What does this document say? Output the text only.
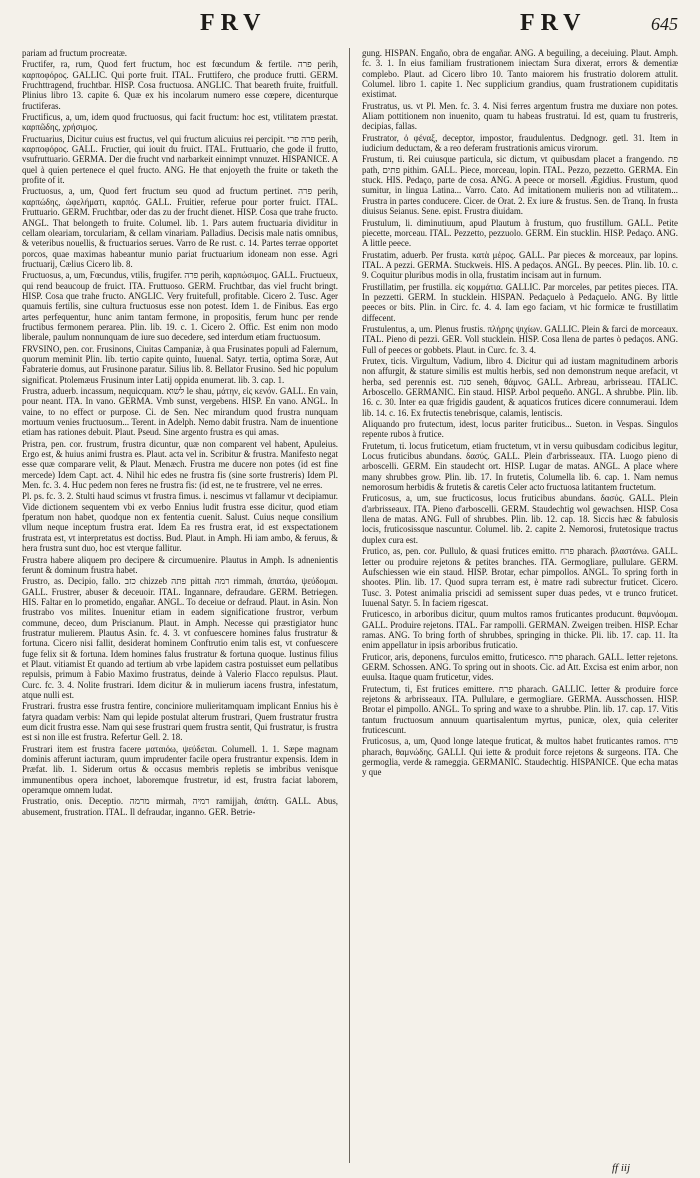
FRV	FRV	645

pariam ad fructum procreatæ.

Fructifer, ra, rum, Quod fert fructum, hoc est fœcundum & fertile. פרה perih, καρποφόρος. GALLIC. Qui porte fruit. ITAL. Fruttifero, che produce frutti. GERM. Fruchttragend, fruchtbar. HISP. Cosa fructuosa. ANGLIC. That beareth fruite, fruitfull. Plinius libro 13. capite 6. Quæ ex his incolarum numero esse cœpere, dicenturque fructiferas.

Fructificus, a, um, idem quod fructuosus, qui facit fructum: hoc est, vtilitatem præstat. καρπῶδης, χρήσιμος.

Fructuarius, Dicitur cuius est fructus, vel qui fructum alicuius rei percipit. פרה פרי perih, καρποφόρος. GALL. Fructier, qui iouit du fruict. ITAL. Fruttuario, che gode il frutto, vsufruttuario. GERMA. Der die frucht vnd narbarkeit einnimpt vnnuzet. HISPANICE. A quel à quien pertenece el quel fructo. ANG. He that enjoyeth the fruite or taketh the profite of it.

Fructuosus, a, um, Quod fert fructum seu quod ad fructum pertinet. פרה perih, καρπώδης, ὠφελήματι, καρπός. GALL. Fruitier, referue pour porter fruict. ITAL. Fruttuario. GERM. Fruchtbar, oder das zu der frucht dienet. HISP. Cosa que trahe fructo. ANGL. That belongeth to fruite. Columel. lib. 1. Pars autem fructuaria dividitur in cellam oleariam, torculariam, & cellam vinariam. Palladius. Decisis male natis omnibus, & veteribus nouellis, & fructuarios serues. Varro de Re rust. c. 14. Partes terrae opportet porcos, quae maximas habeantur munio pariat fructuarium idoneam non esse. Agri fructuarij, Cælius Cicero lib. 8.

Fructuosus, a, um, Fœcundus, vtilis, frugifer. פרה perih, καρπώσιμος. GALL. Fructueux, qui rend beaucoup de fruict. ITA. Fruttuoso. GERM. Fruchtbar, das viel frucht bringt. HISP. Cosa que trahe fructo. ANGLIC. Very fruitefull, profitable. Cicero 2. Tusc. Ager quamuis fertilis, sine cultura fructuosus esse non potest. Idem 1. de Finibus. Eas ergo artes perfequentur, hunc anim tantam fermone, in propositis, ferum hunc per rende fructibus fermonem perarea. Plin. lib. 19. c. 1. Cicero 2. Offic. Est enim non modo liberale, paulum nonnunquam de iure suo decedere, sed interdum etiam fructuosum.

FRVSINO, pen. cor. Frusinons, Ciuitas Campaniæ, à qua Frusinates populi ad Falernum, quorum meminit Plin. lib. tertio capite quinto, Iuuenal. Satyr. tertia, optima Soræ, Aut Fabraterie domus, aut Frusinone paratur. Silius lib. 8. Bellator Frusino. Sed hic populum significat. Ptolemæus Frusinum inter Latij oppida enumerat. lib. 3. cap. 1.

Frustra, aduerb. incassum, nequicquam. לשוא le shau, μάτην, εἰς κενόν. GALL. En vain, pour neant. ITA. In vano. GERMA. Vmb sunst, vergebens. HISP. En vano. ANGL. In vaine, to no effect or purpose. Ci. de Sen. Nec mirandum quod frustra nunquam mortuum venies fructuosum... Terent. in Adelph. Nemo dabit frustra. Nam de inuentione etiam has rationes debuit. Plaut. Pseud. Sine argento frustra es qui amas.

Pristra, pen. cor. frustrum, frustra dicuntur, quæ non comparent vel habent, Apuleius. Ergo est, & huius animi frustra es. Plaut. acta vel in. Scribitur & frustra. Manifesto negat esse quæ comparare velit, & Plaut. Menæch. Frustra me ducere non potes (id est fine mercede) Idem Capt. act. 4. Nihil hic edes ne frustra fis (sine sorte frustreris) Idem Pl. Men. fc. 3. 4. Huc pedem non feres ne frustra fis: (id est, ne te frustrere, vel ne erres.

Pl. ps. fc. 3. 2. Stulti haud scimus vt frustra fimus. i. nescimus vt fallamur vt decipiamur. Vide dictionem sequentem vbi ex verbo Ennius ludit frustra esse dicitur, quod etiam fperatum non habet, quodque non ex fententia cuenit. Salust. Cuius neque consilium vllum neque inceptum frustra erat. Idem Ea res frustra erat, id est exspectationem frustrata est, vt interpretatus est doctiss. Bud. Plaut. in Amph. Hi iam ambo, & feruus, & hera frustra sunt duo, hoc est vterque fallitur.

Frustra habere aliquem pro decipere & circumuenire. Plautus in Amph. Is adnenientis ferunt & dominum frustra habet.

Frustro, as. Decipio, fallo. כזב chizzeb פתה pittah רמה rimmah, ἀπατάω, ψεύδομαι. GALL. Frustrer, abuser & deceuoir. ITAL. Ingannare, defraudare. GERM. Betriegen. HIS. Faltar en lo prometido, engañar. ANGL. To deceiue or defraud. Plaut. in Asin. Non frustrabo vos milites. Inuenitur etiam in eadem significatione frustror, verbum commune, deceo, dum Priscianum. Plaut. in Amph. Necesse qui præstigiator hunc frustratur mulierem. Plautus Asin. fc. 4. 3. vt confuescere homines falus frustratur & fortuna. Cicero nisi fallit, desiderat hominem Conftrutio enim talis est, vt confuescere fuge felix sit & fortuna. Idem homines falus frustratur & fortuna quoque. Iustinus filius et Plaut. vitiamist Et quando ad tertium ab vrbe lapidem castra postuisset eum pellatibus repulsis, primum à Fabio Maximo frustratus, deinde à Valerio Flacco repulsus. Plaut. Curc. fc. 3. 4. Nolite frustrari. Idem dicitur & in mulierum iacens frustra, infestatum, atque nulli est.

Frustrari. frustra esse frustra fentire, conciniore mulieritamquam implicant Ennius his è fatyra quadam verbis: Nam qui lepide postulat alterum frustrari, Quem frustratur frustra eum dicit frustra esse. Nam qui sese frustrari quem frustra sentit, Qui frustratur, is frustra est si non ille est frustra. Refertur Gell. 2. 18.

Frustrari item est frustra facere ματαιόω, ψεύδεται. Columell. 1. 1. Sæpe magnam dominis afferunt iacturam, quum imprudenter facile opera frustrantur expensis. Idem in Præfat. lib. 1. Siderum ortus & occasus membris repletis se imbribus venisque immunentibus opera inchoet, laboremque frustretur, id est, frustra faciat laborem, operamque omnem ludat.

Frustratio, onis. Deceptio. מרמה mirmah, רמיה ramijjah, ἀπάτη. GALL. Abus, abusement, frustration. ITAL. Il defraudar, inganno. GER. Betrie-

gung. HISPAN. Engaño, obra de engañar. ANG. A beguiling, a deceiuing. Plaut. Amph. fc. 3. 1. In eius familiam frustrationem iniectam Sura dixerat, errors & dementiæ complebo. Plaut. ad Cicero libro 10. Tanto maiorem his frustratio dolorem attulit. Columel. libro 1. capite 1. Nec supplicium grandius, quam frustrationem cupiditatis existimat.

Frustratus, us. vt Pl. Men. fc. 3. 4. Nisi ferres argentum frustra me duxiare non potes. Aliam pottitionem non inuenito, quam tu habeas frustratui. Id est, quam tu frustreris, decipias, fallas.

Frustrator, ὁ φέναξ, deceptor, impostor, fraudulentus. Dedgnogr. getl. 31. Item in iudicium deductam, & a reo deferam frustrationis amicus virorum.

Frustum, ti. Rei cuiusque particula, sic dictum, vt quibusdam placet a frangendo. פת path, פתים pithim. GALL. Piece, morceau, lopin. ITAL. Pezzo, pezzetto. GERMA. Ein stuck. HIS. Pedaço, parte de cosa. ANG. A peece or morsell. Ægidius. Frustum, quod sumitur, in lingua Latina... Varro. Cato. Ad imitationem mulieris non ad vtilitatem... Frustra in partes conducere. Cicer. de Orat. 2. Ex iure & frustus. Sen. de Tranq. In frusta diuisus Seianus. Sene. epist. Frustra diuidam.

Frustulum, li. diminutiuum, apud Plautum à frustum, quo frustillum. GALL. Petite piecette, morceau. ITAL. Pezzetto, pezzuolo. GERM. Ein stucklin. HISP. Pedaço. ANG. A little peece.

Frustatim, aduerb. Per frusta. κατὰ μέρος. GALL. Par pieces & morceaux, par lopins. ITAL. A pezzi. GERMA. Stuckweis. HIS. A pedaços. ANGL. By peeces. Plin. lib. 10. c. 9. Coquitur pluribus modis in olla, frustatim incisam aut in furnum.

Frustillatim, per frustilla. εἰς κομμάτια. GALLIC. Par morceles, par petites pieces. ITA. In pezzetti. GERM. In stucklein. HISPAN. Pedaçuelo à Pedaçuelo. ANG. By little peeces or bits. Plin. in Circ. fc. 4. 4. Iam ego faciam, vt hic formicæ te frustillatim diffecent.

Frustulentus, a, um. Plenus frustis. πλήρης ψιχίων. GALLIC. Plein & farci de morceaux. ITAL. Pieno di pezzi. GER. Voll stucklein. HISP. Cosa llena de partes ò pedaços. ANG. Full of peeces or gobbets. Plaut. in Curc. fc. 3. 4.

Frutex, ticis. Virgultum, Vadium, libro 4. Dicitur qui ad iustam magnitudinem arboris non affurgit, & stature similis est multis herbis, sed non demonstrum neque arefacit, vt herba, sed perennis est. סנה seneh, θάμνος. GALL. Arbreau, arbrisseau. ITALIC. Arboscello. GERMANIC. Ein staud. HISP. Arbol pequeño. ANGL. A shrubbe. Plin. lib. 16. c. 30. Inter ea quæ frigidis gaudent, & aquaticos frutices dicere connumeraui. Idem lib. 14. c. 16. Ex frutectis tenebrisque, calamis, lentiscis.

Aliquando pro frutectum, idest, locus pariter fruticibus... Sueton. in Vespas. Singulos repente rubos à frutice.

Frutetum, ti. locus fruticetum, etiam fructetum, vt in versu quibusdam codicibus legitur, Locus fruticibus abundans. δασύς. GALL. Plein d'arbrisseaux. ITA. Luogo pieno di arboscelli. GERM. Ein staudecht ort. HISP. Lugar de matas. ANGL. A place where many shrubbes grow. Plin. lib. 17. In frutetis, Columella lib. 6. cap. 1. Nam nemus nemorosum herbidis & frutetis & caretis Celer acto fructuosa latitantem fructetum.

Fruticosus, a, um, sue fructicosus, locus fruticibus abundans. δασύς. GALL. Plein d'arbrisseaux. ITA. Pieno d'arboscelli. GERM. Staudechtig wol gewachsen. HISP. Cosa llena de matas. ANG. Full of shrubbes. Plin. lib. 12. cap. 18. Siccis hæc & fabulosis locis, fruticosissque nascuntur. Columel. lib. 2. capite 2. Nemorosi, frutetosique tractus duplex cura est.

Frutico, as, pen. cor. Pullulo, & quasi frutices emitto. פרח pharach. βλαστάνω. GALL. Ietter ou produire rejetons & petites branches. ITA. Germogliare, pullulare. GERM. Aufschiessen wie ein staud. HISP. Brotar, echar pimpollos. ANGL. To spring forth in shootes. Plin. lib. 17. Quod supra terram est, è matre radi subrectur fruticet. Cicero. Tusc. 3. Potest animalia priscidi ad semissent super duas pedes, vt e trunco fruticet. Iuuenal Satyr. 5. In faciem rigescat.

Fruticesco, in arboribus dicitur, quum multos ramos fruticantes producunt. θαμνόομαι. GALL. Produire rejetons. ITAL. Far rampolli. GERMAN. Zweigen treiben. HISP. Echar ramas. ANG. To bring forth of shrubbes, springing in thicke. Pli. lib. 17. cap. 11. Ita enim appellatur in ipsis arboribus fruticatio.

Fruticor, aris, deponens, furculos emitto, fruticesco. פרח pharach. GALL. Ietter rejetons. GERM. Schossen. ANG. To spring out in shoots. Cic. ad Att. Excisa est enim arbor, non euulsa. Itaque quam fruticetur, vides.

Frutectum, ti, Est frutices emittere. פרח pharach. GALLIC. Ietter & produire force rejetons & arbrisseaux. ITA. Pullulare, e germogliare. GERMA. Ausschossen. HISP. Brotar el pimpollo. ANGL. To spring and waxe to a shrubbe. Plin. lib. 17. cap. 17. Vitis tantum fructuosum annuum quartisalentum myrtus, punicæ, olex, quia celeriter fruticescunt.

Fruticosus, a, um, Quod longe lateque fruticat, & multos habet fruticantes ramos. פרח pharach, θαμνώδης. GALLI. Qui iette & produit force rejetons & surgeons. ITA. Che germoglia, verde & rameggia. GERMANIC. Staudechtig. HISPANICE. Que echa matas y que

ff iij
